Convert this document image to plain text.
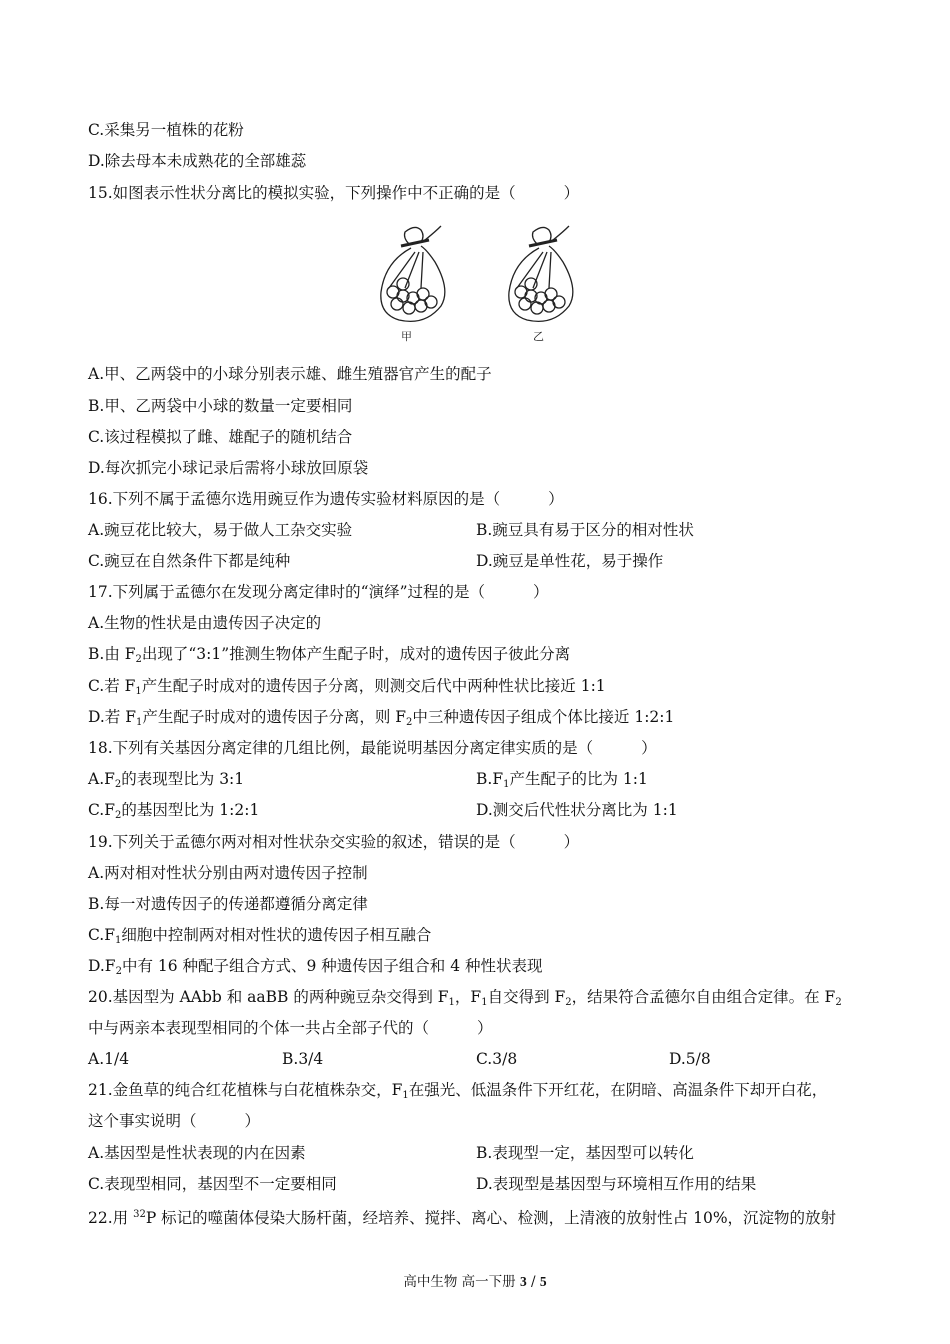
C.采集另一植株的花粉
D.除去母本未成熟花的全部雄蕊
15.如图表示性状分离比的模拟实验，下列操作中不正确的是（	）
甲	乙
A.甲、乙两袋中的小球分别表示雄、雌生殖器官产生的配子
B.甲、乙两袋中小球的数量一定要相同
C.该过程模拟了雌、雄配子的随机结合
D.每次抓完小球记录后需将小球放回原袋
16.下列不属于孟德尔选用豌豆作为遗传实验材料原因的是（	）
A.豌豆花比较大，易于做人工杂交实验	B.豌豆具有易于区分的相对性状
C.豌豆在自然条件下都是纯种	D.豌豆是单性花，易于操作
17.下列属于孟德尔在发现分离定律时的“演绎”过程的是（	）
A.生物的性状是由遗传因子决定的
B.由 $F_2$出现了“3:1”推测生物体产生配子时，成对的遗传因子彼此分离
C.若 $F_1$产生配子时成对的遗传因子分离，则测交后代中两种性状比接近 1:1
D.若 $F_1$产生配子时成对的遗传因子分离，则 $F_2$中三种遗传因子组成个体比接近 1:2:1
18.下列有关基因分离定律的几组比例，最能说明基因分离定律实质的是（	）
$A.F_2$的表现型比为 3:1	$B.F_1$产生配子的比为 1:1
$C.F_2$的基因型比为 1:2:1	D.测交后代性状分离比为 1:1
19.下列关于孟德尔两对相对性状杂交实验的叙述，错误的是（	）
A.两对相对性状分别由两对遗传因子控制
B.每一对遗传因子的传递都遵循分离定律
$C.F_1$细胞中控制两对相对性状的遗传因子相互融合
$D.F_2$中有 16 种配子组合方式、9 种遗传因子组合和 4 种性状表现
20.基因型为 AAbb 和 aaBB 的两种豌豆杂交得到 $F_1$，$F_1$自交得到 $F_2$，结果符合孟德尔自由组合定律。在 $F_2$
中与两亲本表现型相同的个体一共占全部子代的（	）
A.1/4	B.3/4	C.3/8	D.5/8
21.金鱼草的纯合红花植株与白花植株杂交，$F_1$在强光、低温条件下开红花，在阴暗、高温条件下却开白花，
这个事实说明（	）
A.基因型是性状表现的内在因素	B.表现型一定，基因型可以转化
C.表现型相同，基因型不一定要相同	D.表现型是基因型与环境相互作用的结果
22.用 $^{32}$P 标记的噬菌体侵染大肠杆菌，经培养、搅拌、离心、检测，上清液的放射性占 10%，沉淀物的放射
高中生物 高一下册 3 / 5
